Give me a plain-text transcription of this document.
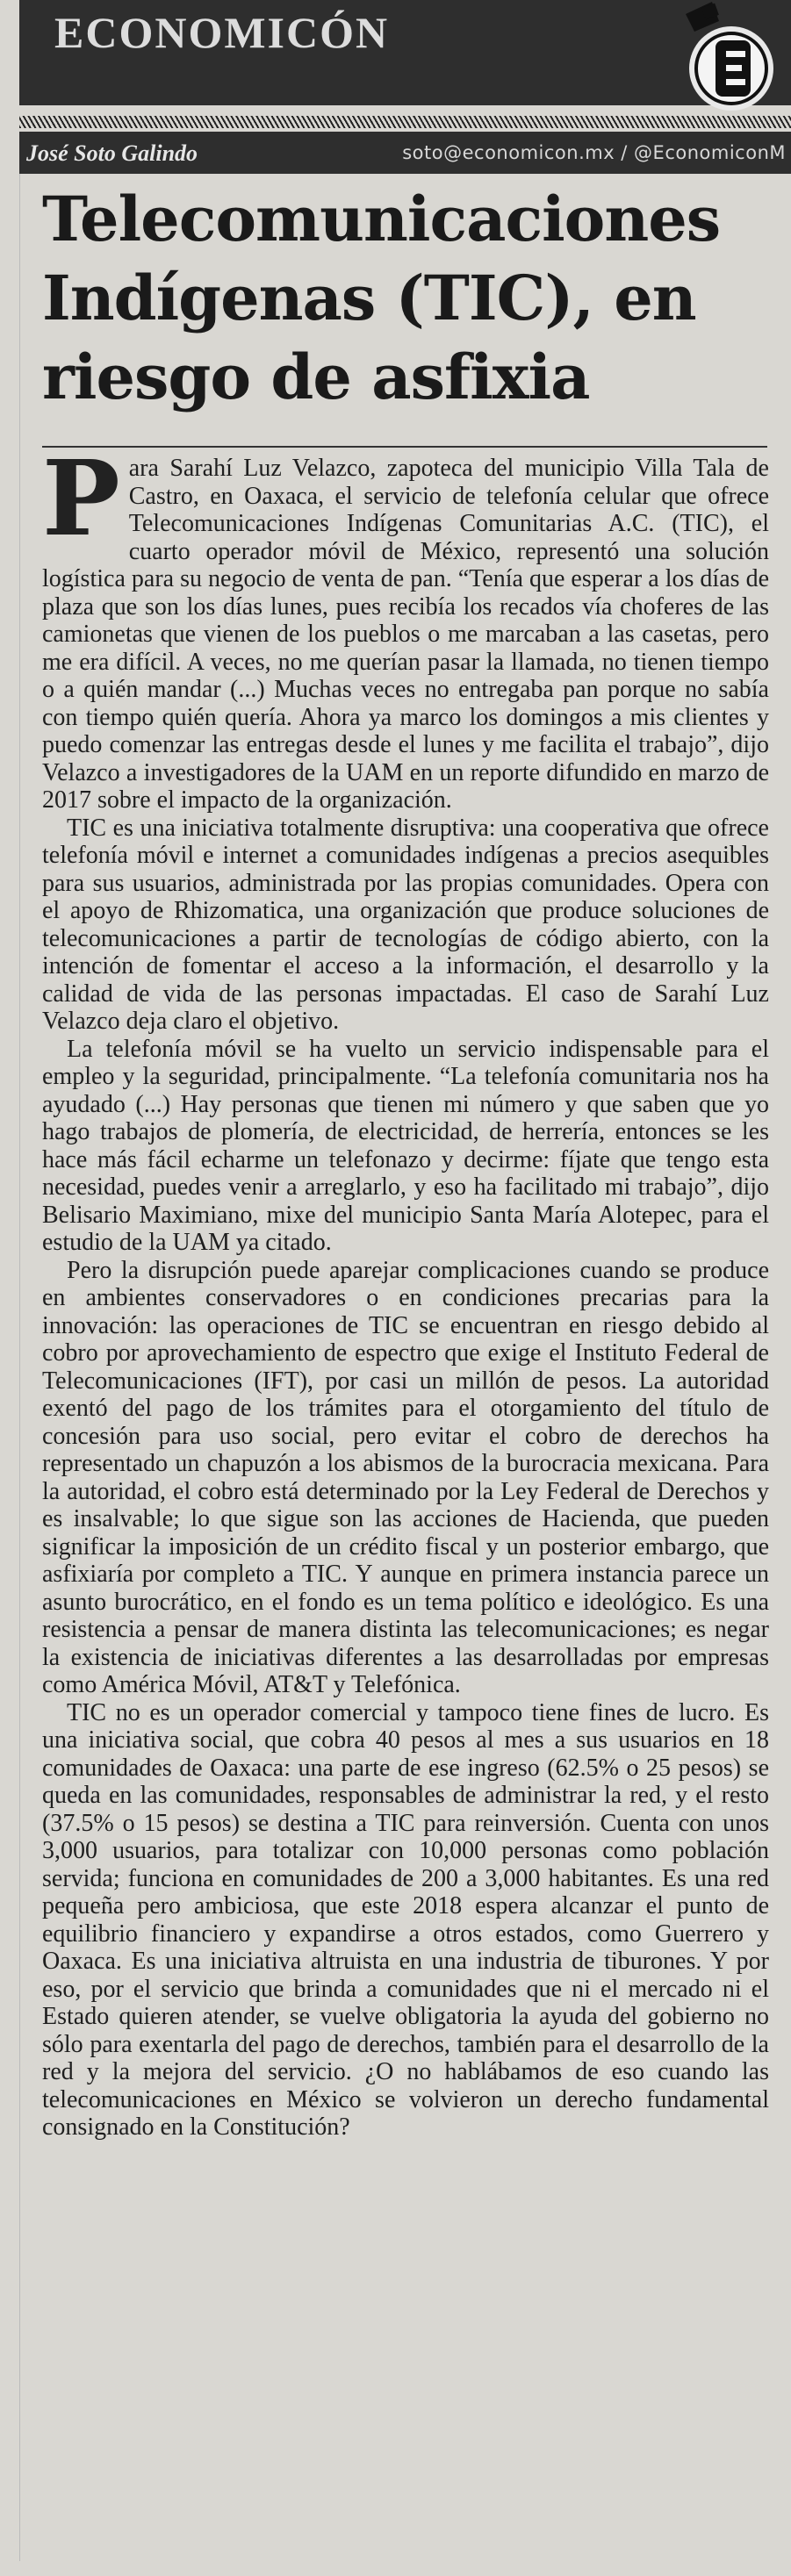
ECONOMICÓN
José Soto Galindo	soto@economicon.mx / @EconomiconM
Telecomunicaciones Indígenas (TIC), en riesgo de asfixia

Para Sarahí Luz Velazco, zapoteca del municipio Villa Tala de Castro, en Oaxaca, el servicio de telefonía celular que ofrece Telecomunicaciones Indígenas Comunitarias A.C. (TIC), el cuarto operador móvil de México, representó una solución logística para su negocio de venta de pan. “Tenía que esperar a los días de plaza que son los días lunes, pues recibía los recados vía choferes de las camionetas que vienen de los pueblos o me marcaban a las casetas, pero me era difícil. A veces, no me querían pasar la llamada, no tienen tiempo o a quién mandar (...) Muchas veces no entregaba pan porque no sabía con tiempo quién quería. Ahora ya marco los domingos a mis clientes y puedo comenzar las entregas desde el lunes y me facilita el trabajo”, dijo Velazco a investigadores de la UAM en un reporte difundido en marzo de 2017 sobre el impacto de la organización.

TIC es una iniciativa totalmente disruptiva: una cooperativa que ofrece telefonía móvil e internet a comunidades indígenas a precios asequibles para sus usuarios, administrada por las propias comunidades. Opera con el apoyo de Rhizomatica, una organización que produce soluciones de telecomunicaciones a partir de tecnologías de código abierto, con la intención de fomentar el acceso a la información, el desarrollo y la calidad de vida de las personas impactadas. El caso de Sarahí Luz Velazco deja claro el objetivo.

La telefonía móvil se ha vuelto un servicio indispensable para el empleo y la seguridad, principalmente. “La telefonía comunitaria nos ha ayudado (...) Hay personas que tienen mi número y que saben que yo hago trabajos de plomería, de electricidad, de herrería, entonces se les hace más fácil echarme un telefonazo y decirme: fíjate que tengo esta necesidad, puedes venir a arreglarlo, y eso ha facilitado mi trabajo”, dijo Belisario Maximiano, mixe del municipio Santa María Alotepec, para el estudio de la UAM ya citado.

Pero la disrupción puede aparejar complicaciones cuando se produce en ambientes conservadores o en condiciones precarias para la innovación: las operaciones de TIC se encuentran en riesgo debido al cobro por aprovechamiento de espectro que exige el Instituto Federal de Telecomunicaciones (IFT), por casi un millón de pesos. La autoridad exentó del pago de los trámites para el otorgamiento del título de concesión para uso social, pero evitar el cobro de derechos ha representado un chapuzón a los abismos de la burocracia mexicana. Para la autoridad, el cobro está determinado por la Ley Federal de Derechos y es insalvable; lo que sigue son las acciones de Hacienda, que pueden significar la imposición de un crédito fiscal y un posterior embargo, que asfixiaría por completo a TIC. Y aunque en primera instancia parece un asunto burocrático, en el fondo es un tema político e ideológico. Es una resistencia a pensar de manera distinta las telecomunicaciones; es negar la existencia de iniciativas diferentes a las desarrolladas por empresas como América Móvil, AT&T y Telefónica.

TIC no es un operador comercial y tampoco tiene fines de lucro. Es una iniciativa social, que cobra 40 pesos al mes a sus usuarios en 18 comunidades de Oaxaca: una parte de ese ingreso (62.5% o 25 pesos) se queda en las comunidades, responsables de administrar la red, y el resto (37.5% o 15 pesos) se destina a TIC para reinversión. Cuenta con unos 3,000 usuarios, para totalizar con 10,000 personas como población servida; funciona en comunidades de 200 a 3,000 habitantes. Es una red pequeña pero ambiciosa, que este 2018 espera alcanzar el punto de equilibrio financiero y expandirse a otros estados, como Guerrero y Oaxaca. Es una iniciativa altruista en una industria de tiburones. Y por eso, por el servicio que brinda a comunidades que ni el mercado ni el Estado quieren atender, se vuelve obligatoria la ayuda del gobierno no sólo para exentarla del pago de derechos, también para el desarrollo de la red y la mejora del servicio. ¿O no hablábamos de eso cuando las telecomunicaciones en México se volvieron un derecho fundamental consignado en la Constitución?
